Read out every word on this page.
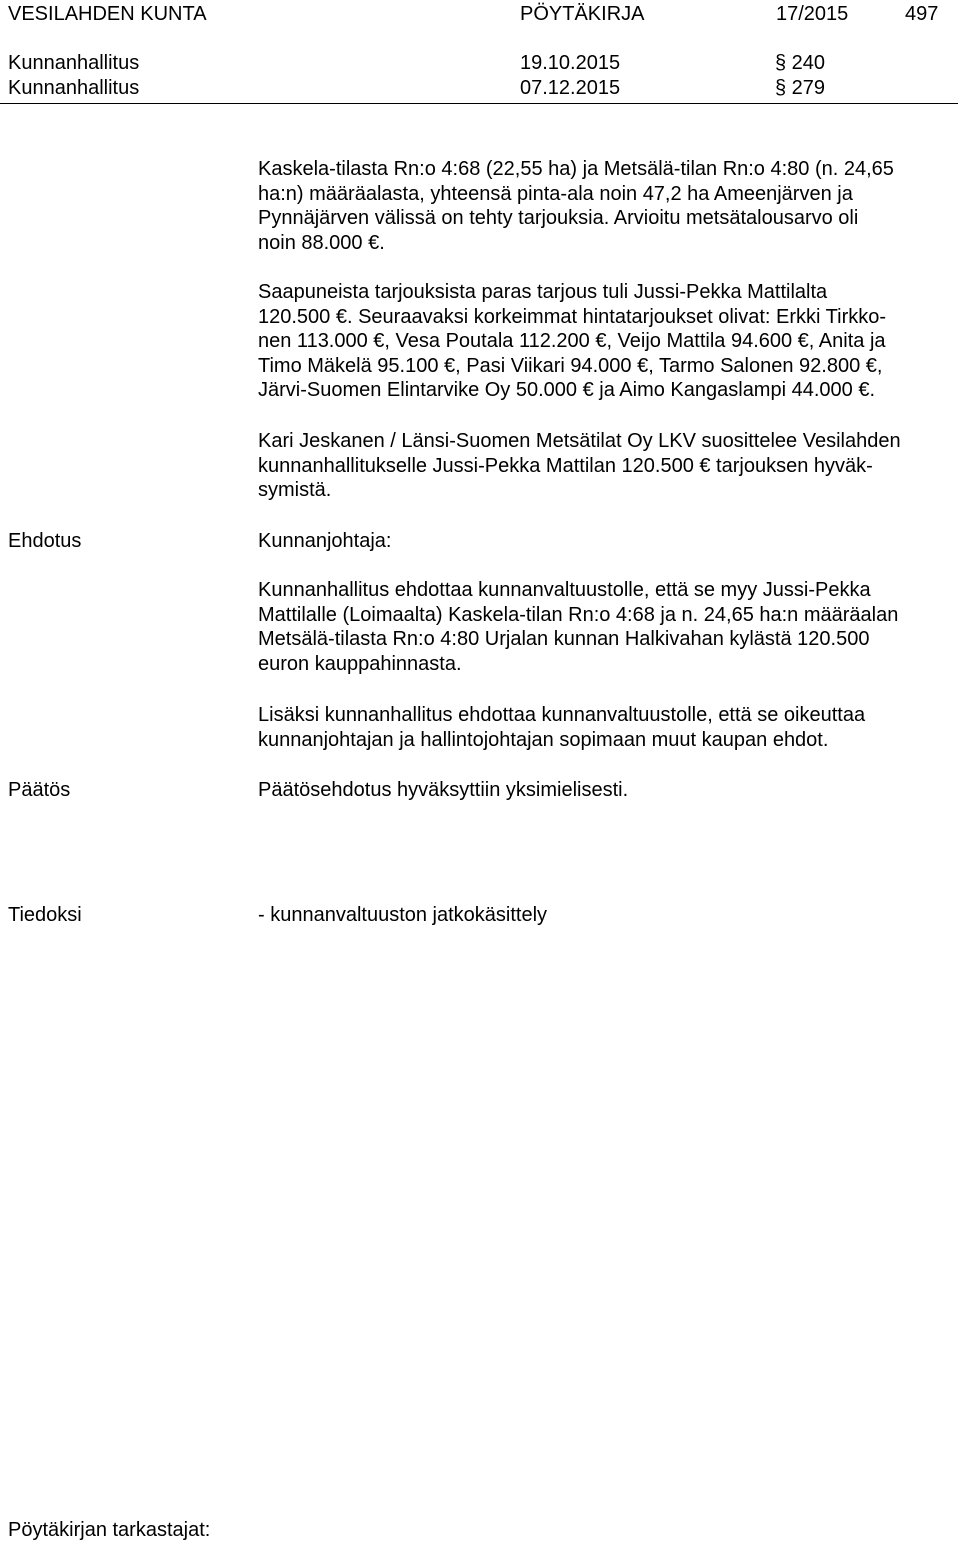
VESILAHDEN KUNTA	PÖYTÄKIRJA	17/2015	497
Kunnanhallitus	19.10.2015	§ 240
Kunnanhallitus	07.12.2015	§ 279
Kaskela-tilasta Rn:o 4:68 (22,55 ha) ja Metsälä-tilan Rn:o 4:80 (n. 24,65
ha:n) määräalasta, yhteensä pinta-ala noin 47,2 ha Ameenjärven ja
Pynnäjärven välissä on tehty tarjouksia. Arvioitu metsätalousarvo oli
noin 88.000 €.
Saapuneista tarjouksista paras tarjous tuli Jussi-Pekka Mattilalta
120.500 €. Seuraavaksi korkeimmat hintatarjoukset olivat: Erkki Tirkko-
nen 113.000 €, Vesa Poutala 112.200 €, Veijo Mattila 94.600 €, Anita ja
Timo Mäkelä 95.100 €, Pasi Viikari 94.000 €, Tarmo Salonen 92.800 €,
Järvi-Suomen Elintarvike Oy 50.000 € ja Aimo Kangaslampi 44.000 €.
Kari Jeskanen / Länsi-Suomen Metsätilat Oy LKV suosittelee Vesilahden
kunnanhallitukselle Jussi-Pekka Mattilan 120.500 € tarjouksen hyväk-
symistä.
Ehdotus	Kunnanjohtaja:
Kunnanhallitus ehdottaa kunnanvaltuustolle, että se myy Jussi-Pekka
Mattilalle (Loimaalta) Kaskela-tilan Rn:o 4:68 ja n. 24,65 ha:n määräalan
Metsälä-tilasta Rn:o 4:80 Urjalan kunnan Halkivahan kylästä 120.500
euron kauppahinnasta.
Lisäksi kunnanhallitus ehdottaa kunnanvaltuustolle, että se oikeuttaa
kunnanjohtajan ja hallintojohtajan sopimaan muut kaupan ehdot.
Päätös	Päätösehdotus hyväksyttiin yksimielisesti.
Tiedoksi	- kunnanvaltuuston jatkokäsittely
Pöytäkirjan tarkastajat:
